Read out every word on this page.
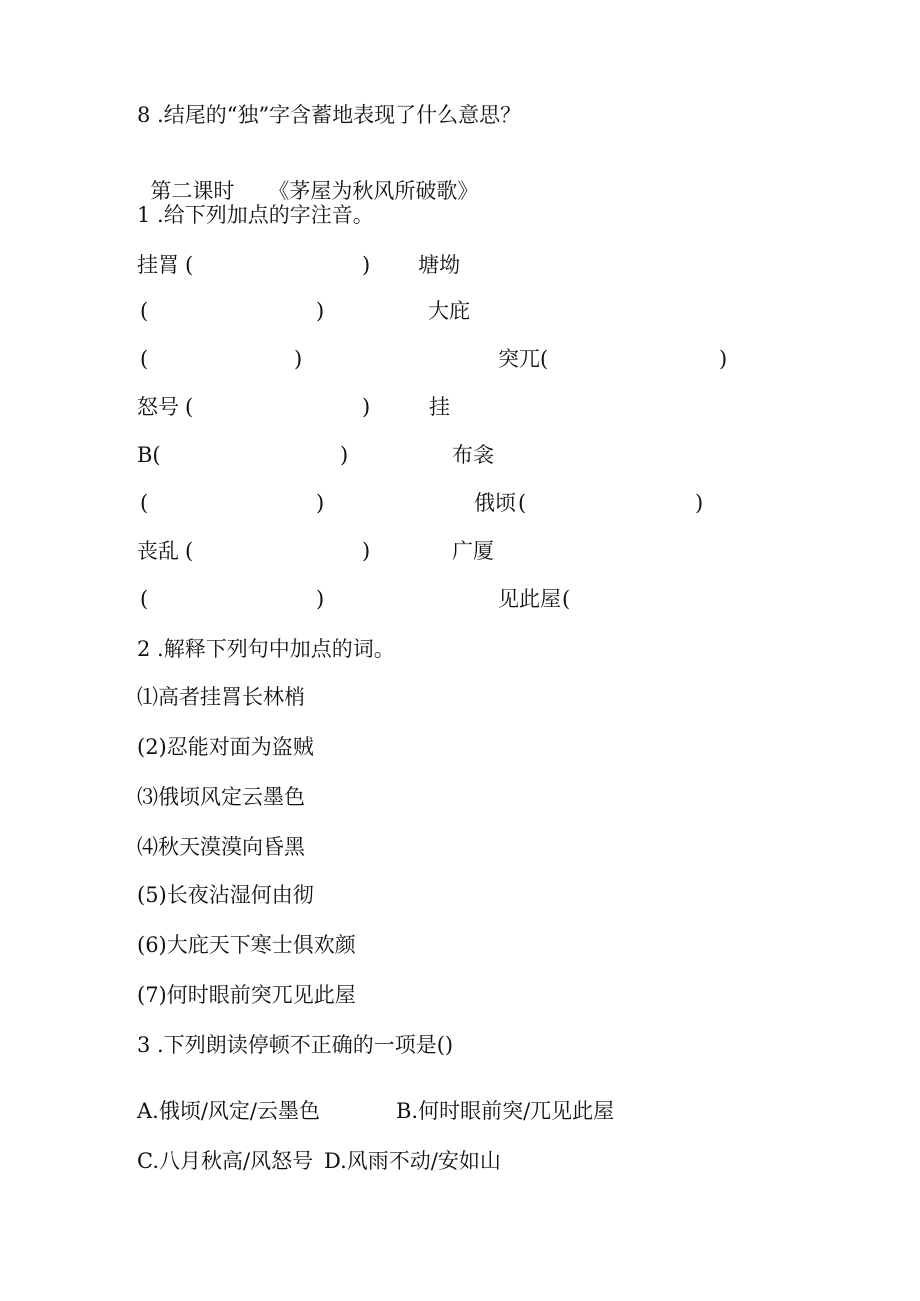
8 .结尾的“独”字含蓄地表现了什么意思？

第二课时 《茅屋为秋风所破歌》

1 .给下列加点的字注音。
挂罥 (	) 塘坳
(	)	大庇
(	)	突兀 (	)
怒号 (	)	挂
B(	)	布衾
(	)	俄顷 (	)
丧乱 (	)	广厦
(	)	见此屋 (
2 .解释下列句中加点的词。
⑴高者挂罥长林梢
(2)忍能对面为盗贼
⑶俄顷风定云墨色
⑷秋天漠漠向昏黑
(5)长夜沾湿何由彻
(6)大庇天下寒士俱欢颜
(7)何时眼前突兀见此屋
3 .下列朗读停顿不正确的一项是()
A.俄顷/风定/云墨色	B.何时眼前突/兀见此屋
C.八月秋高/风怒号 D.风雨不动/安如山
